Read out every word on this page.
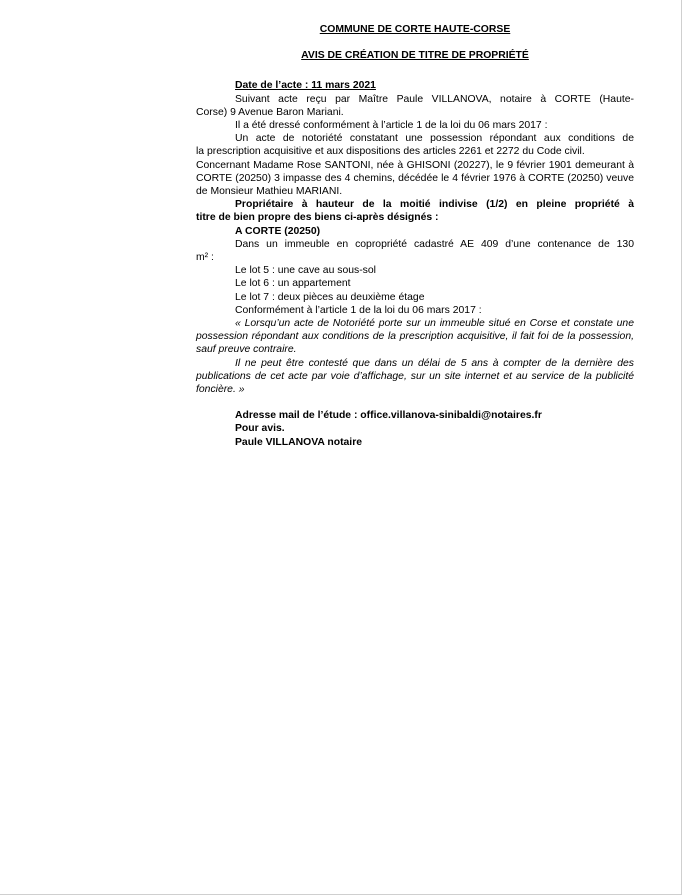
COMMUNE DE CORTE HAUTE-CORSE

AVIS DE CRÉATION DE TITRE DE PROPRIÉTÉ

Date de l’acte : 11 mars 2021

Suivant acte reçu par Maître Paule VILLANOVA, notaire à CORTE (Haute-

Corse) 9 Avenue Baron Mariani.

Il a été dressé conformément à l’article 1 de la loi du 06 mars 2017 :

Un acte de notoriété constatant une possession répondant aux conditions de

la prescription acquisitive et aux dispositions des articles 2261 et 2272 du Code civil.

Concernant Madame Rose SANTONI, née à GHISONI (20227), le 9 février 1901 demeurant à CORTE (20250) 3 impasse des 4 chemins, décédée le 4 février 1976 à CORTE (20250) veuve de Monsieur Mathieu MARIANI.

Propriétaire à hauteur de la moitié indivise (1/2) en pleine propriété à

titre de bien propre des biens ci-après désignés :

A CORTE (20250)

Dans un immeuble en copropriété cadastré AE 409 d’une contenance de 130

m² :

Le lot 5 : une cave au sous-sol

Le lot 6 : un appartement

Le lot 7 : deux pièces au deuxième étage

Conformément à l’article 1 de la loi du 06 mars 2017 :

« Lorsqu’un acte de Notoriété porte sur un immeuble situé en Corse et constate une possession répondant aux conditions de la prescription acquisitive, il fait foi de la possession, sauf preuve contraire.

Il ne peut être contesté que dans un délai de 5 ans à compter de la dernière des publications de cet acte par voie d’affichage, sur un site internet et au service de la publicité foncière. »

Adresse mail de l’étude : office.villanova-sinibaldi@notaires.fr

Pour avis.

Paule VILLANOVA notaire
